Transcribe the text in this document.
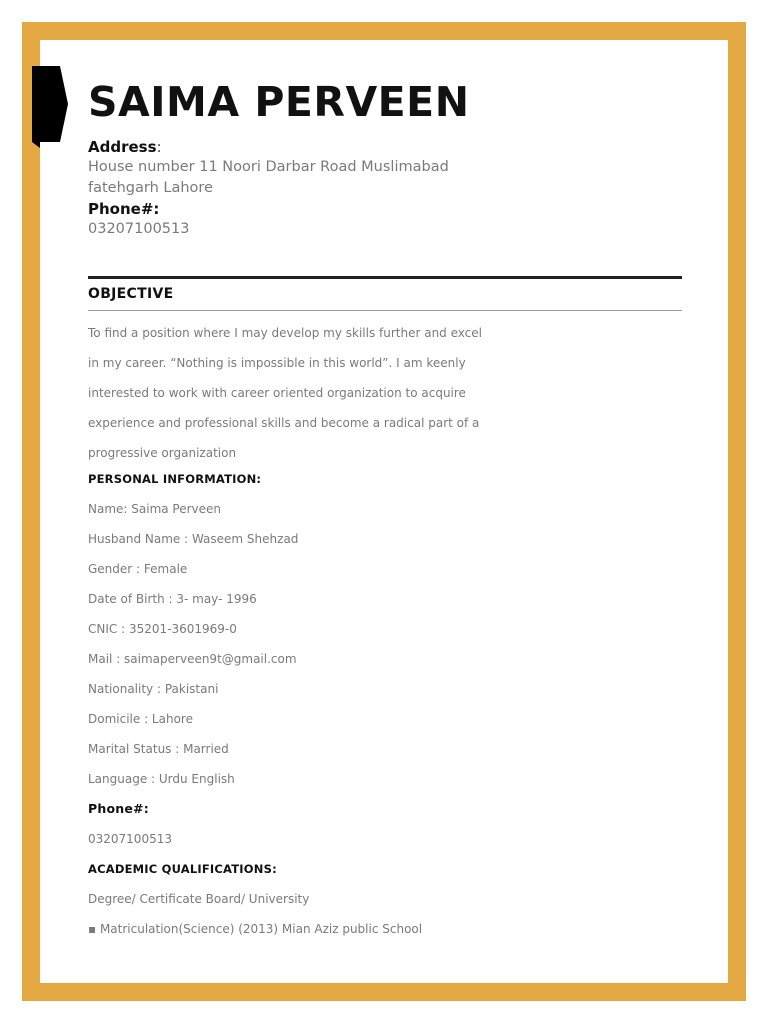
SAIMA PERVEEN
Address:
House number 11 Noori Darbar Road Muslimabad
fatehgarh Lahore
Phone#:
03207100513
OBJECTIVE
To find a position where I may develop my skills further and excel
in my career. “Nothing is impossible in this world”. I am keenly
interested to work with career oriented organization to acquire
experience and professional skills and become a radical part of a
progressive organization
PERSONAL INFORMATION:
Name: Saima Perveen
Husband Name : Waseem Shehzad
Gender : Female
Date of Birth : 3- may- 1996
CNIC : 35201-3601969-0
Mail : saimaperveen9t@gmail.com
Nationality : Pakistani
Domicile : Lahore
Marital Status : Married
Language : Urdu English
Phone#:
03207100513
ACADEMIC QUALIFICATIONS:
Degree/ Certificate Board/ University
▪ Matriculation(Science) (2013) Mian Aziz public School
